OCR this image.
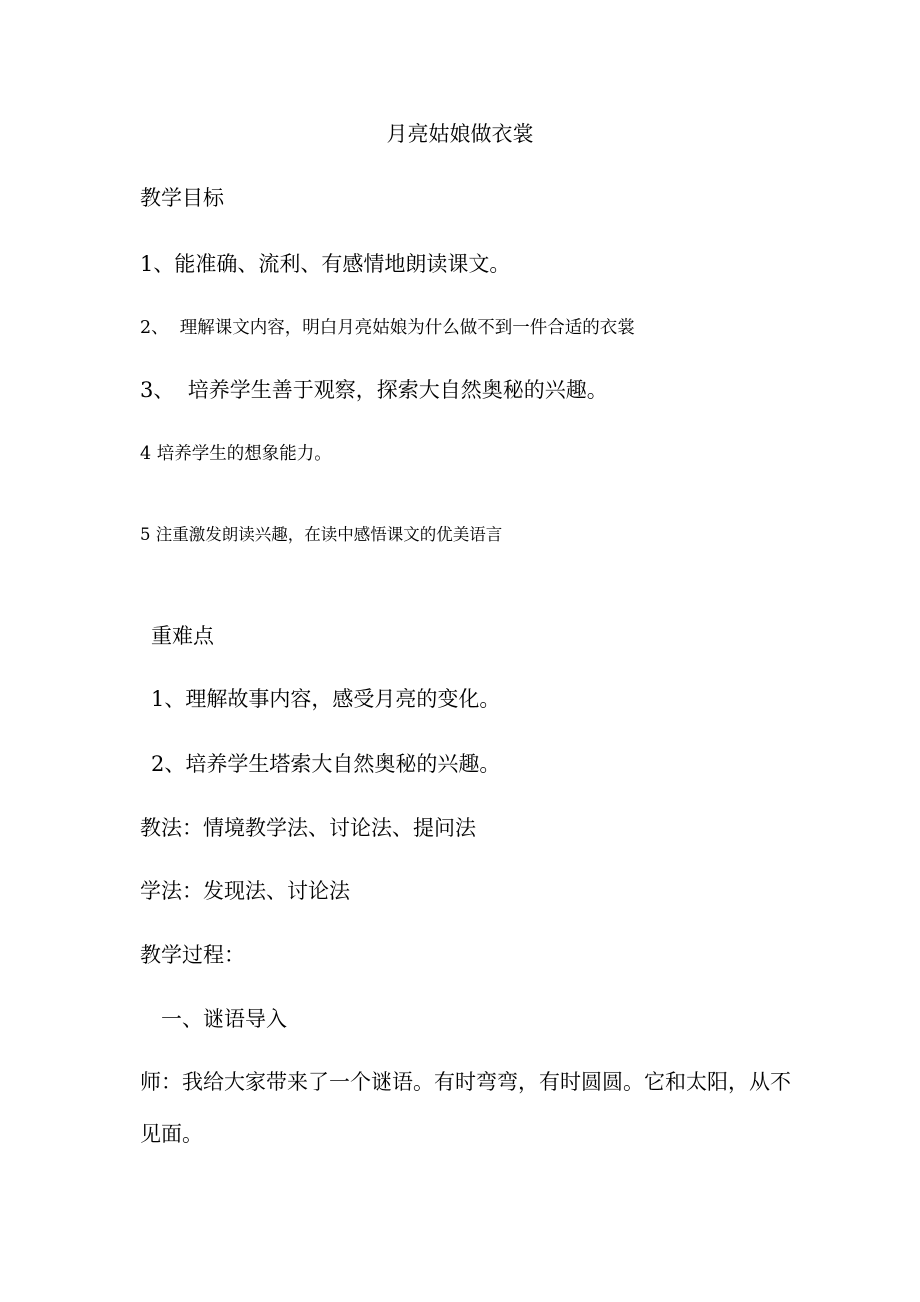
月亮姑娘做衣裳
教学目标
1、能准确、流利、有感情地朗读课文。
2、  理解课文内容，明白月亮姑娘为什么做不到一件合适的衣裳
3、  培养学生善于观察，探索大自然奥秘的兴趣。
4 培养学生的想象能力。
5 注重激发朗读兴趣，在读中感悟课文的优美语言
重难点
1、理解故事内容，感受月亮的变化。
2、培养学生塔索大自然奥秘的兴趣。
教法：情境教学法、讨论法、提问法
学法：发现法、讨论法
教学过程：
一、谜语导入
师：我给大家带来了一个谜语。有时弯弯，有时圆圆。它和太阳，从不见面。
